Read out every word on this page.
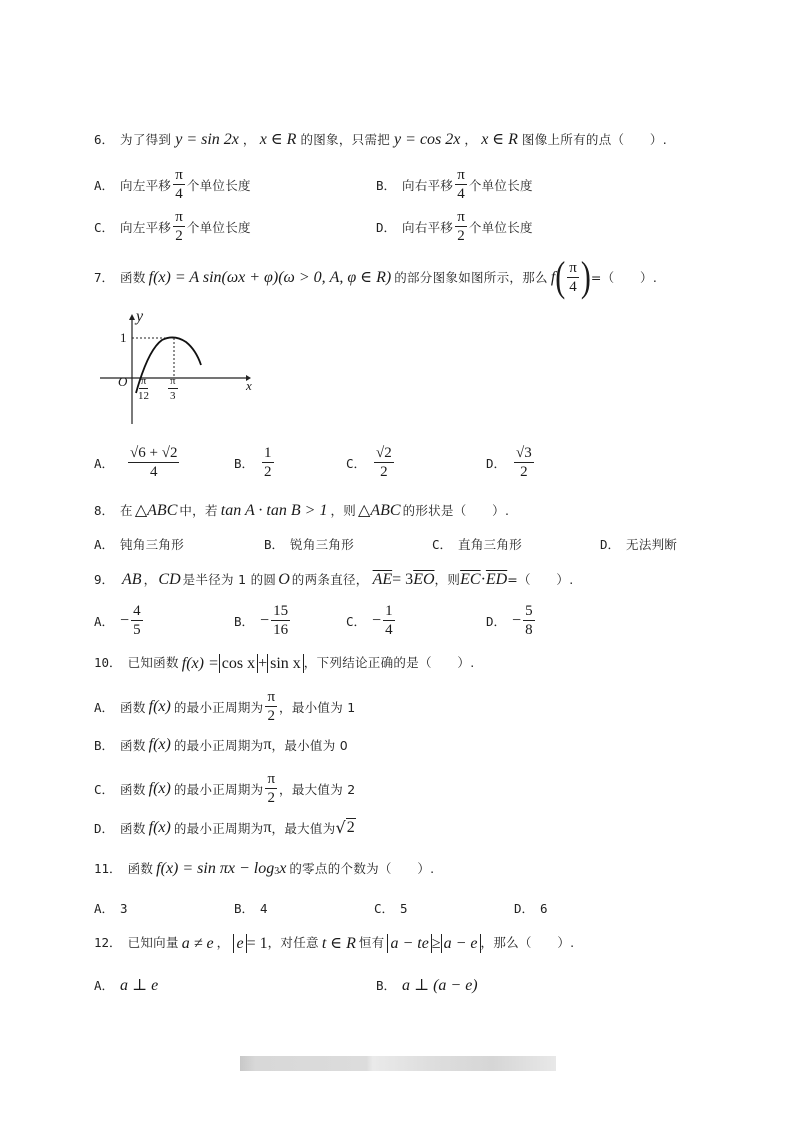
6． 为了得到 y = sin 2x ， x ∈ R 的图象，只需把 y = cos 2x ， x ∈ R 图像上所有的点（　　）.
A． 向左平移 $\frac{\pi}{4}$ 个单位长度	B． 向右平移 $\frac{\pi}{4}$ 个单位长度
C． 向左平移 $\frac{\pi}{2}$ 个单位长度	D． 向右平移 $\frac{\pi}{2}$ 个单位长度
7． 函数 f(x) = A sin(ωx + φ)(ω > 0, A, φ ∈ R) 的部分图象如图所示，那么 f ( $\frac{\pi}{4}$ ) =（　　）.
y
x
O
1
$\frac{\pi}{12} \frac{\pi}{3}$
A． $\frac{√6 + √2}{4}$	B． $\frac{1}{2}$	C． $\frac{√2}{2}$	D． $\frac{√3}{2}$
8． 在 △ABC 中，若 tan A · tan B > 1 ，则 △ABC 的形状是（　　）.
A． 钝角三角形	B． 锐角三角形	C． 直角三角形	D． 无法判断
9． AB ， CD 是半径为 1 的圆 O 的两条直径， $\overline{AE} = 3$ $\overline{EO}$ ，则 $\overline{EC} \cdot \overline{ED}$ =（　　）.
A． − $\frac{4}{5}$	B． − $\frac{15}{16}$	C． − $\frac{1}{4}$	D． − $\frac{5}{8}$
10． 已知函数 f(x) = cos x + sin x ，下列结论正确的是（　　）.
A． 函数 f(x) 的最小正周期为 $\frac{\pi}{2}$ ，最小值为 1
B． 函数 f(x) 的最小正周期为 π ，最小值为 0
C． 函数 f(x) 的最小正周期为 $\frac{\pi}{2}$ ，最大值为 2
D． 函数 f(x) 的最小正周期为 π ，最大值为 √ 2
11． 函数 $f(x) = \sin \pi x - \log_3 x$ 的零点的个数为（　　）.
A． 3	B． 4	C． 5	D． 6
12． 已知向量 a ≠ e ， e = 1 ，对任意 t ∈ R 恒有 a − te ≥ a − e ，那么（　　）.
A． a ⊥ e	B． a ⊥ (a − e)
